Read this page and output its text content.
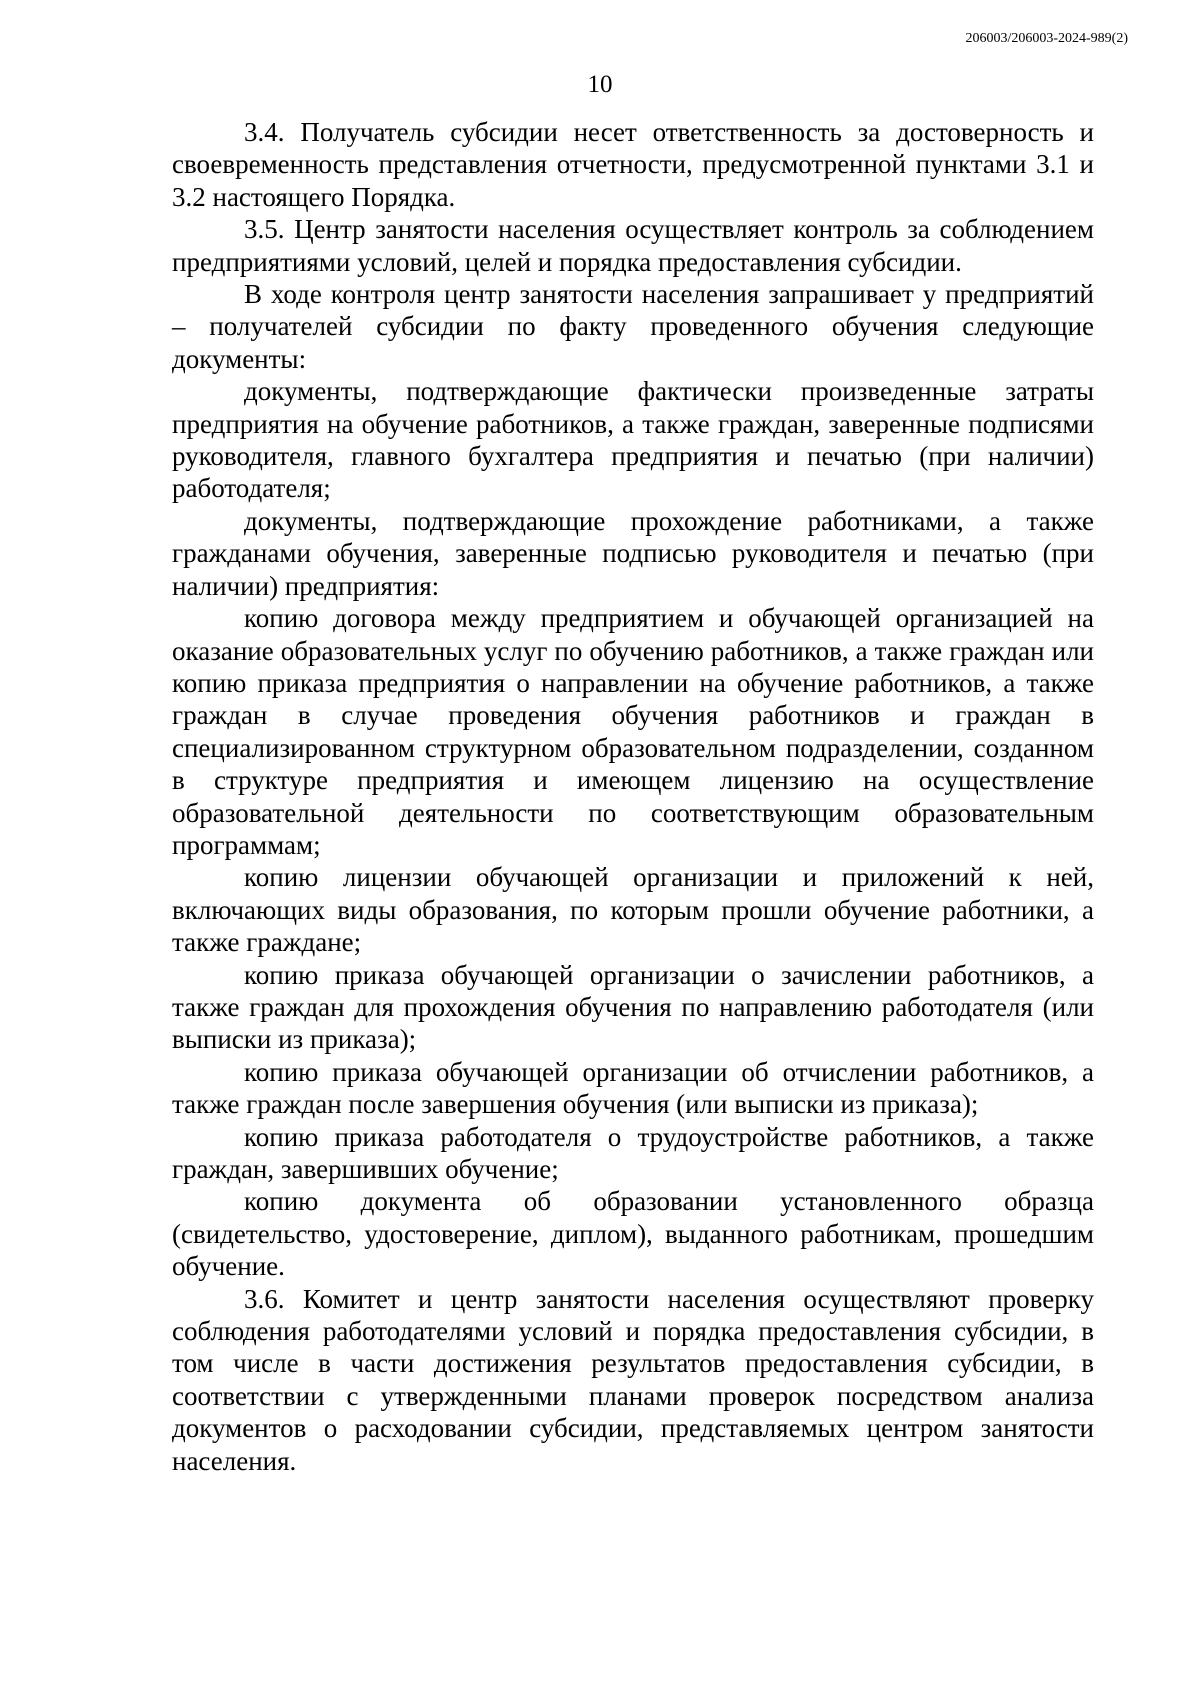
206003/206003-2024-989(2)
10

3.4. Получатель субсидии несет ответственность за достоверность и своевременность представления отчетности, предусмотренной пунктами 3.1 и 3.2 настоящего Порядка.

3.5. Центр занятости населения осуществляет контроль за соблюдением предприятиями условий, целей и порядка предоставления субсидии.

В ходе контроля центр занятости населения запрашивает у предприятий – получателей субсидии по факту проведенного обучения следующие документы:

документы, подтверждающие фактически произведенные затраты предприятия на обучение работников, а также граждан, заверенные подписями руководителя, главного бухгалтера предприятия и печатью (при наличии) работодателя;

документы, подтверждающие прохождение работниками, а также гражданами обучения, заверенные подписью руководителя и печатью (при наличии) предприятия:

копию договора между предприятием и обучающей организацией на оказание образовательных услуг по обучению работников, а также граждан или копию приказа предприятия о направлении на обучение работников, а также граждан в случае проведения обучения работников и граждан в специализированном структурном образовательном подразделении, созданном в структуре предприятия и имеющем лицензию на осуществление образовательной деятельности по соответствующим образовательным программам;

копию лицензии обучающей организации и приложений к ней, включающих виды образования, по которым прошли обучение работники, а также граждане;

копию приказа обучающей организации о зачислении работников, а также граждан для прохождения обучения по направлению работодателя (или выписки из приказа);

копию приказа обучающей организации об отчислении работников, а также граждан после завершения обучения (или выписки из приказа);

копию приказа работодателя о трудоустройстве работников, а также граждан, завершивших обучение;

копию документа об образовании установленного образца (свидетельство, удостоверение, диплом), выданного работникам, прошедшим обучение.

3.6. Комитет и центр занятости населения осуществляют проверку соблюдения работодателями условий и порядка предоставления субсидии, в том числе в части достижения результатов предоставления субсидии, в соответствии с утвержденными планами проверок посредством анализа документов о расходовании субсидии, представляемых центром занятости населения.
